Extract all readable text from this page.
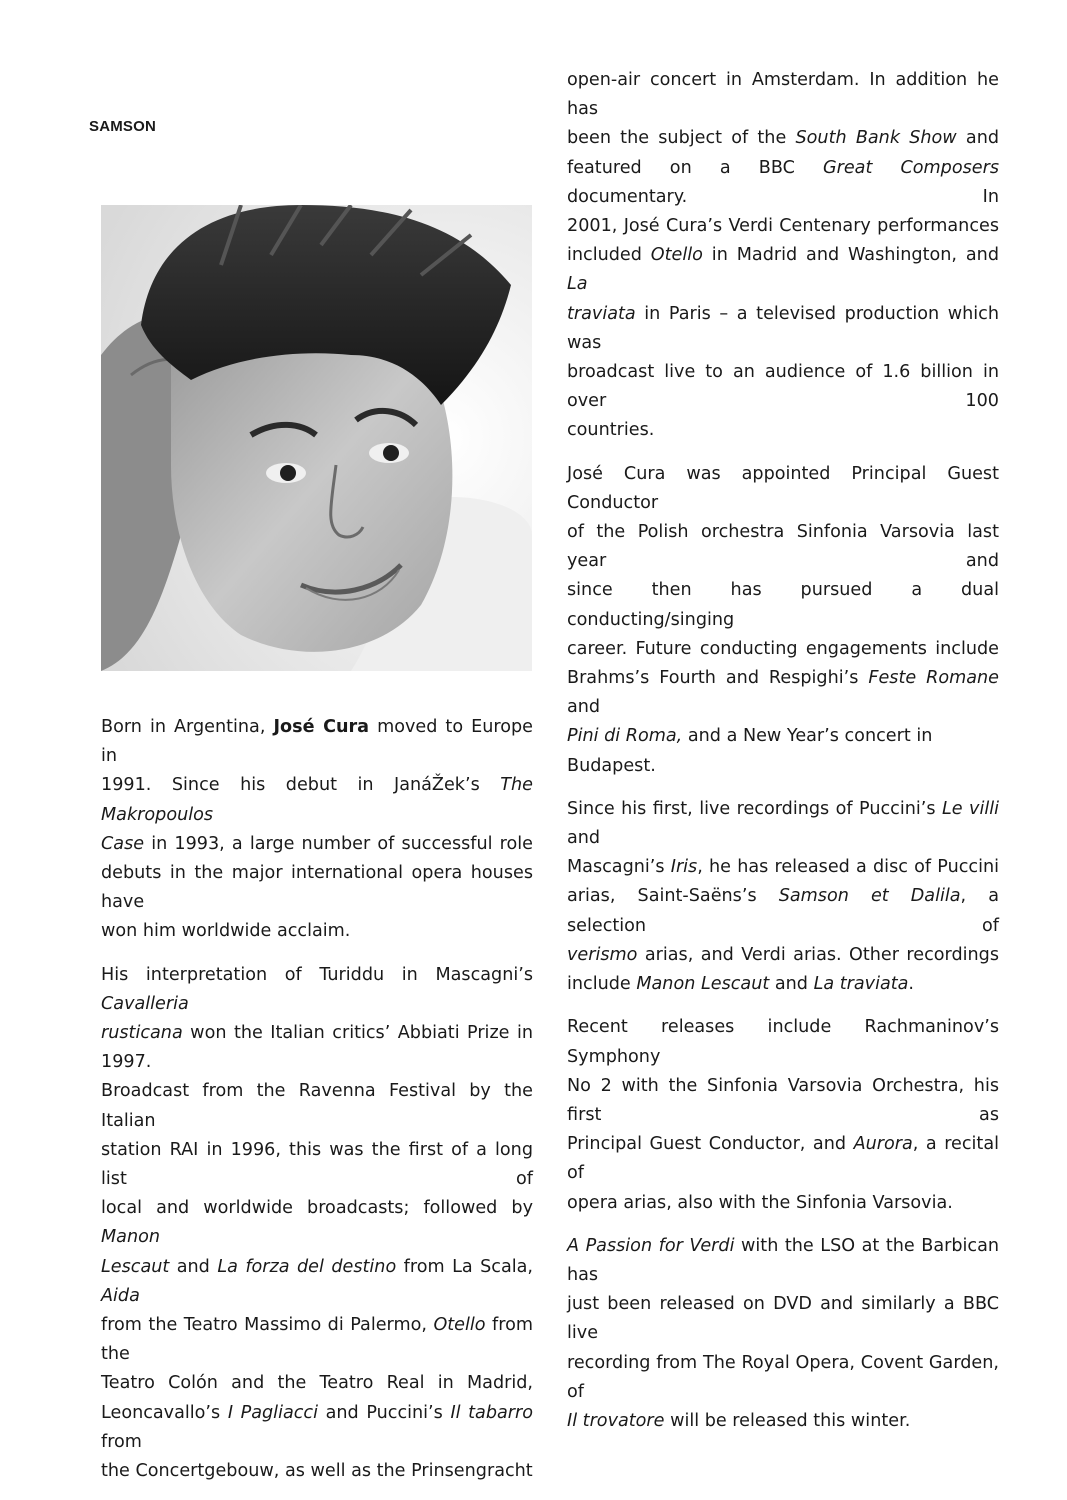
SAMSON

Born in Argentina, José Cura moved to Europe in
1991. Since his debut in JanáŽek’s The Makropoulos
Case in 1993, a large number of successful role
debuts in the major international opera houses have
won him worldwide acclaim.

His interpretation of Turiddu in Mascagni’s Cavalleria
rusticana won the Italian critics’ Abbiati Prize in 1997.
Broadcast from the Ravenna Festival by the Italian
station RAI in 1996, this was the first of a long list of
local and worldwide broadcasts; followed by Manon
Lescaut and La forza del destino from La Scala, Aida
from the Teatro Massimo di Palermo, Otello from the
Teatro Colón and the Teatro Real in Madrid,
Leoncavallo’s I Pagliacci and Puccini’s Il tabarro from
the Concertgebouw, as well as the Prinsengracht

open-air concert in Amsterdam. In addition he has
been the subject of the South Bank Show and
featured on a BBC Great Composers documentary. In
2001, José Cura’s Verdi Centenary performances
included Otello in Madrid and Washington, and La
traviata in Paris – a televised production which was
broadcast live to an audience of 1.6 billion in over 100
countries.

José Cura was appointed Principal Guest Conductor
of the Polish orchestra Sinfonia Varsovia last year and
since then has pursued a dual conducting/singing
career. Future conducting engagements include
Brahms’s Fourth and Respighi’s Feste Romane and
Pini di Roma, and a New Year’s concert in Budapest.

Since his first, live recordings of Puccini’s Le villi and
Mascagni’s Iris, he has released a disc of Puccini
arias, Saint-Saëns’s Samson et Dalila, a selection of
verismo arias, and Verdi arias. Other recordings
include Manon Lescaut and La traviata.

Recent releases include Rachmaninov’s Symphony
No 2 with the Sinfonia Varsovia Orchestra, his first as
Principal Guest Conductor, and Aurora, a recital of
opera arias, also with the Sinfonia Varsovia.

A Passion for Verdi with the LSO at the Barbican has
just been released on DVD and similarly a BBC live
recording from The Royal Opera, Covent Garden, of
Il trovatore will be released this winter.
